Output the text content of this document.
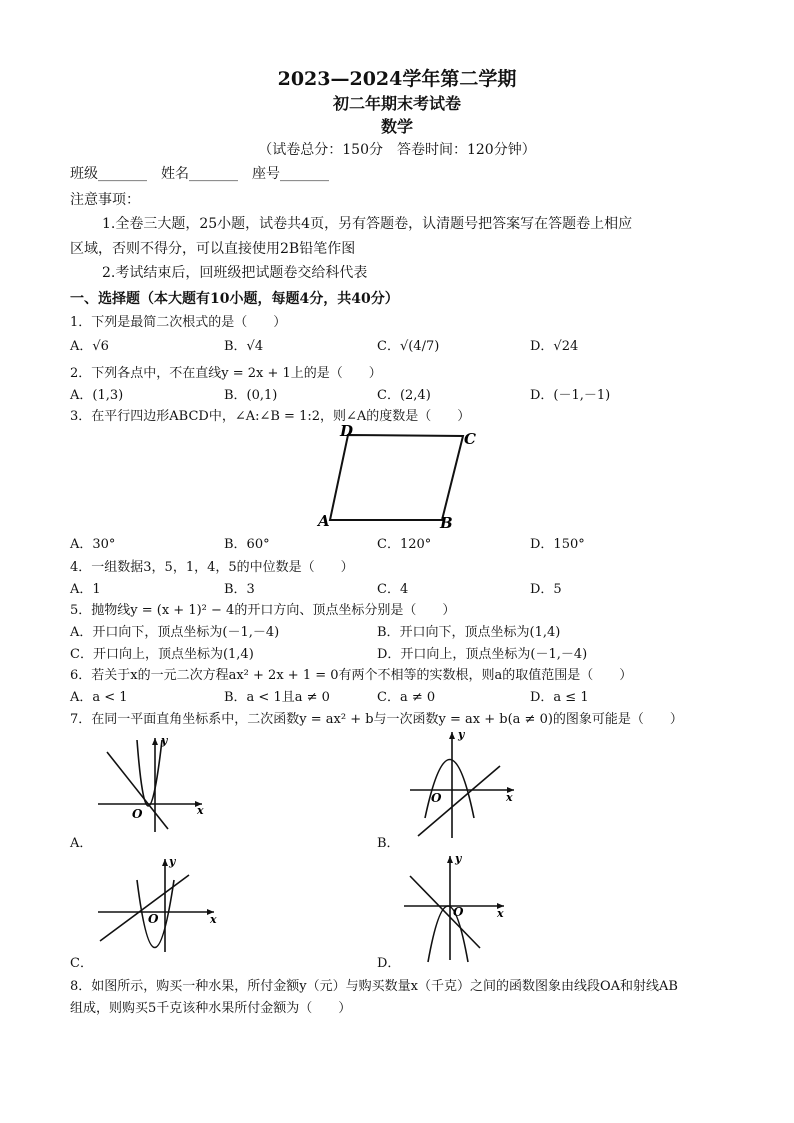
2023—2024学年第二学期
初二年期末考试卷
数学
（试卷总分：150分　答卷时间：120分钟）
班级_______　姓名_______　座号_______
注意事项：
1.全卷三大题，25小题，试卷共4页，另有答题卷，认清题号把答案写在答题卷上相应
区域，否则不得分，可以直接使用2B铅笔作图
2.考试结束后，回班级把试题卷交给科代表
一、选择题（本大题有10小题，每题4分，共40分）
1．下列是最简二次根式的是（　　）
A．√6	B．√4	C．√(4/7)	D．√24
2．下列各点中，不在直线y = 2x + 1上的是（　　）
A．(1,3)	B．(0,1)	C．(2,4)	D．(－1,－1)
3．在平行四边形ABCD中，∠A:∠B = 1:2，则∠A的度数是（　　）
D	C
A	B
A．30°	B．60°	C．120°	D．150°
4．一组数据3，5，1，4，5的中位数是（　　）
A．1	B．3	C．4	D．5
5．抛物线y = (x + 1)² − 4的开口方向、顶点坐标分别是（　　）
A．开口向下，顶点坐标为(－1,－4)	B．开口向下，顶点坐标为(1,4)
C．开口向上，顶点坐标为(1,4)	D．开口向上，顶点坐标为(－1,－4)
6．若关于x的一元二次方程ax² + 2x + 1 = 0有两个不相等的实数根，则a的取值范围是（　　）
A．a < 1	B．a < 1且a ≠ 0	C．a ≠ 0	D．a ≤ 1
7．在同一平面直角坐标系中，二次函数y = ax² + b与一次函数y = ax + b(a ≠ 0)的图象可能是（　　）
y
x
O
A．
y
x
O
B．
y
x
O
C．
y
x
O
D．
8．如图所示，购买一种水果，所付金额y（元）与购买数量x（千克）之间的函数图象由线段OA和射线AB
组成，则购买5千克该种水果所付金额为（　　）
